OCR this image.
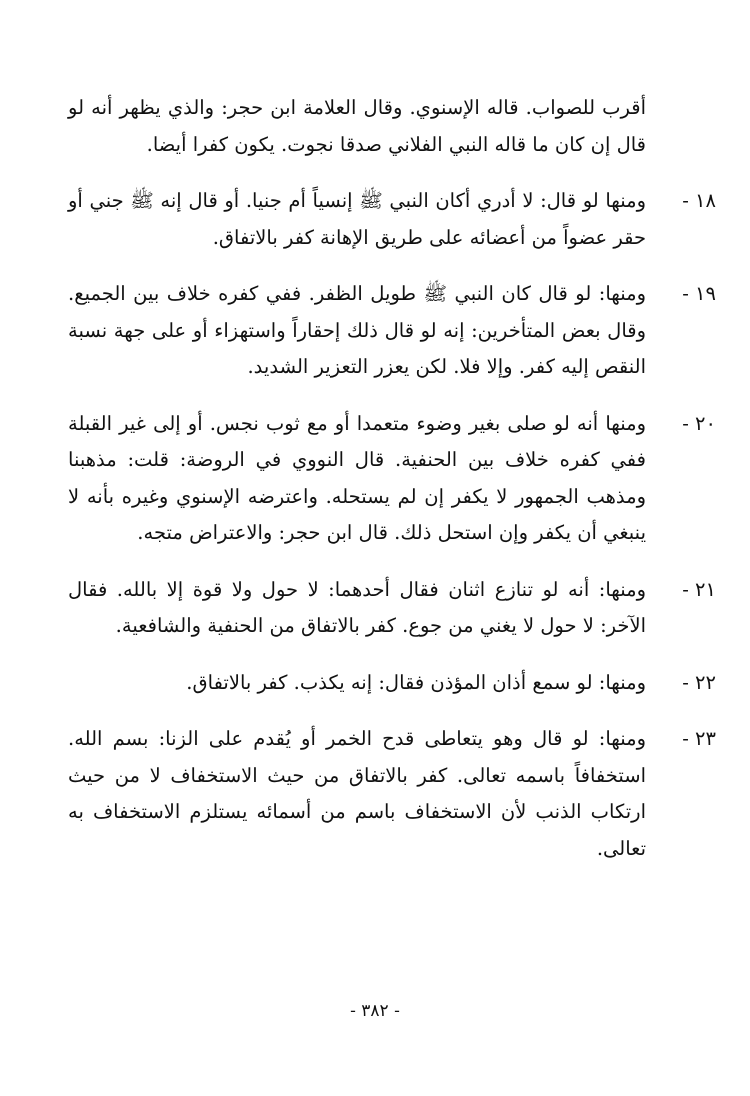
أقرب للصواب. قاله الإسنوي. وقال العلامة ابن حجر: والذي يظهر أنه لو قال إن كان ما قاله النبي الفلاني صدقا نجوت. يكون كفرا أيضا.

١٨ -
ومنها لو قال: لا أدري أكان النبي ﷺ إنسياً أم جنيا. أو قال إنه ﷺ جني أو حقر عضواً من أعضائه على طريق الإهانة كفر بالاتفاق.
١٩ -
ومنها: لو قال كان النبي ﷺ طويل الظفر. ففي كفره خلاف بين الجميع. وقال بعض المتأخرين: إنه لو قال ذلك إحقاراً واستهزاء أو على جهة نسبة النقص إليه كفر. وإلا فلا. لكن يعزر التعزير الشديد.
٢٠ -
ومنها أنه لو صلى بغير وضوء متعمدا أو مع ثوب نجس. أو إلى غير القبلة ففي كفره خلاف بين الحنفية. قال النووي في الروضة: قلت: مذهبنا ومذهب الجمهور لا يكفر إن لم يستحله. واعترضه الإسنوي وغيره بأنه لا ينبغي أن يكفر وإن استحل ذلك. قال ابن حجر: والاعتراض متجه.
٢١ -
ومنها: أنه لو تنازع اثنان فقال أحدهما: لا حول ولا قوة إلا بالله. فقال الآخر: لا حول لا يغني من جوع. كفر بالاتفاق من الحنفية والشافعية.
٢٢ -
ومنها: لو سمع أذان المؤذن فقال: إنه يكذب. كفر بالاتفاق.
٢٣ -
ومنها: لو قال وهو يتعاطى قدح الخمر أو يُقدم على الزنا: بسم الله. استخفافاً باسمه تعالى. كفر بالاتفاق من حيث الاستخفاف لا من حيث ارتكاب الذنب لأن الاستخفاف باسم من أسمائه يستلزم الاستخفاف به تعالى.
- ٣٨٢ -
